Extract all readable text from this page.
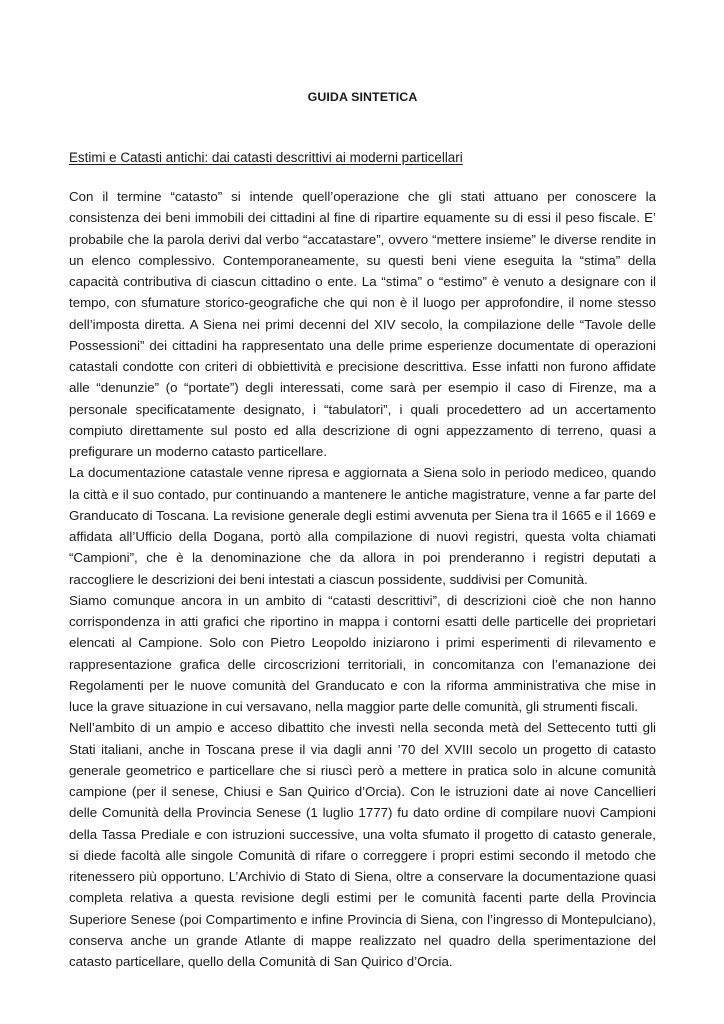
GUIDA SINTETICA
Estimi e Catasti antichi: dai catasti descrittivi ai moderni particellari

Con il termine “catasto” si intende quell’operazione che gli stati attuano per conoscere la consistenza dei beni immobili dei cittadini al fine di ripartire equamente su di essi il peso fiscale. E’ probabile che la parola derivi dal verbo “accatastare”, ovvero “mettere insieme” le diverse rendite in un elenco complessivo. Contemporaneamente, su questi beni viene eseguita la “stima” della capacità contributiva di ciascun cittadino o ente. La “stima” o “estimo” è venuto a designare con il tempo, con sfumature storico-geografiche che qui non è il luogo per approfondire, il nome stesso dell’imposta diretta. A Siena nei primi decenni del XIV secolo, la compilazione delle “Tavole delle Possessioni” dei cittadini ha rappresentato una delle prime esperienze documentate di operazioni catastali condotte con criteri di obbiettività e precisione descrittiva. Esse infatti non furono affidate alle “denunzie” (o “portate”) degli interessati, come sarà per esempio il caso di Firenze, ma a personale specificatamente designato, i “tabulatori”, i quali procedettero ad un accertamento compiuto direttamente sul posto ed alla descrizione di ogni appezzamento di terreno, quasi a prefigurare un moderno catasto particellare.

La documentazione catastale venne ripresa e aggiornata a Siena solo in periodo mediceo, quando la città e il suo contado, pur continuando a mantenere le antiche magistrature, venne a far parte del Granducato di Toscana. La revisione generale degli estimi avvenuta per Siena tra il 1665 e il 1669 e affidata all’Ufficio della Dogana, portò alla compilazione di nuovi registri, questa volta chiamati “Campioni”, che è la denominazione che da allora in poi prenderanno i registri deputati a raccogliere le descrizioni dei beni intestati a ciascun possidente, suddivisi per Comunità.

Siamo comunque ancora in un ambito di “catasti descrittivi”, di descrizioni cioè che non hanno corrispondenza in atti grafici che riportino in mappa i contorni esatti delle particelle dei proprietari elencati al Campione. Solo con Pietro Leopoldo iniziarono i primi esperimenti di rilevamento e rappresentazione grafica delle circoscrizioni territoriali, in concomitanza con l’emanazione dei Regolamenti per le nuove comunità del Granducato e con la riforma amministrativa che mise in luce la grave situazione in cui versavano, nella maggior parte delle comunità, gli strumenti fiscali.

Nell’ambito di un ampio e acceso dibattito che investì nella seconda metà del Settecento tutti gli Stati italiani, anche in Toscana prese il via dagli anni ’70 del XVIII secolo un progetto di catasto generale geometrico e particellare che si riuscì però a mettere in pratica solo in alcune comunità campione (per il senese, Chiusi e San Quirico d’Orcia). Con le istruzioni date ai nove Cancellieri delle Comunità della Provincia Senese (1 luglio 1777) fu dato ordine di compilare nuovi Campioni della Tassa Prediale e con istruzioni successive, una volta sfumato il progetto di catasto generale, si diede facoltà alle singole Comunità di rifare o correggere i propri estimi secondo il metodo che ritenessero più opportuno. L’Archivio di Stato di Siena, oltre a conservare la documentazione quasi completa relativa a questa revisione degli estimi per le comunità facenti parte della Provincia Superiore Senese (poi Compartimento e infine Provincia di Siena, con l’ingresso di Montepulciano), conserva anche un grande Atlante di mappe realizzato nel quadro della sperimentazione del catasto particellare, quello della Comunità di San Quirico d’Orcia.
